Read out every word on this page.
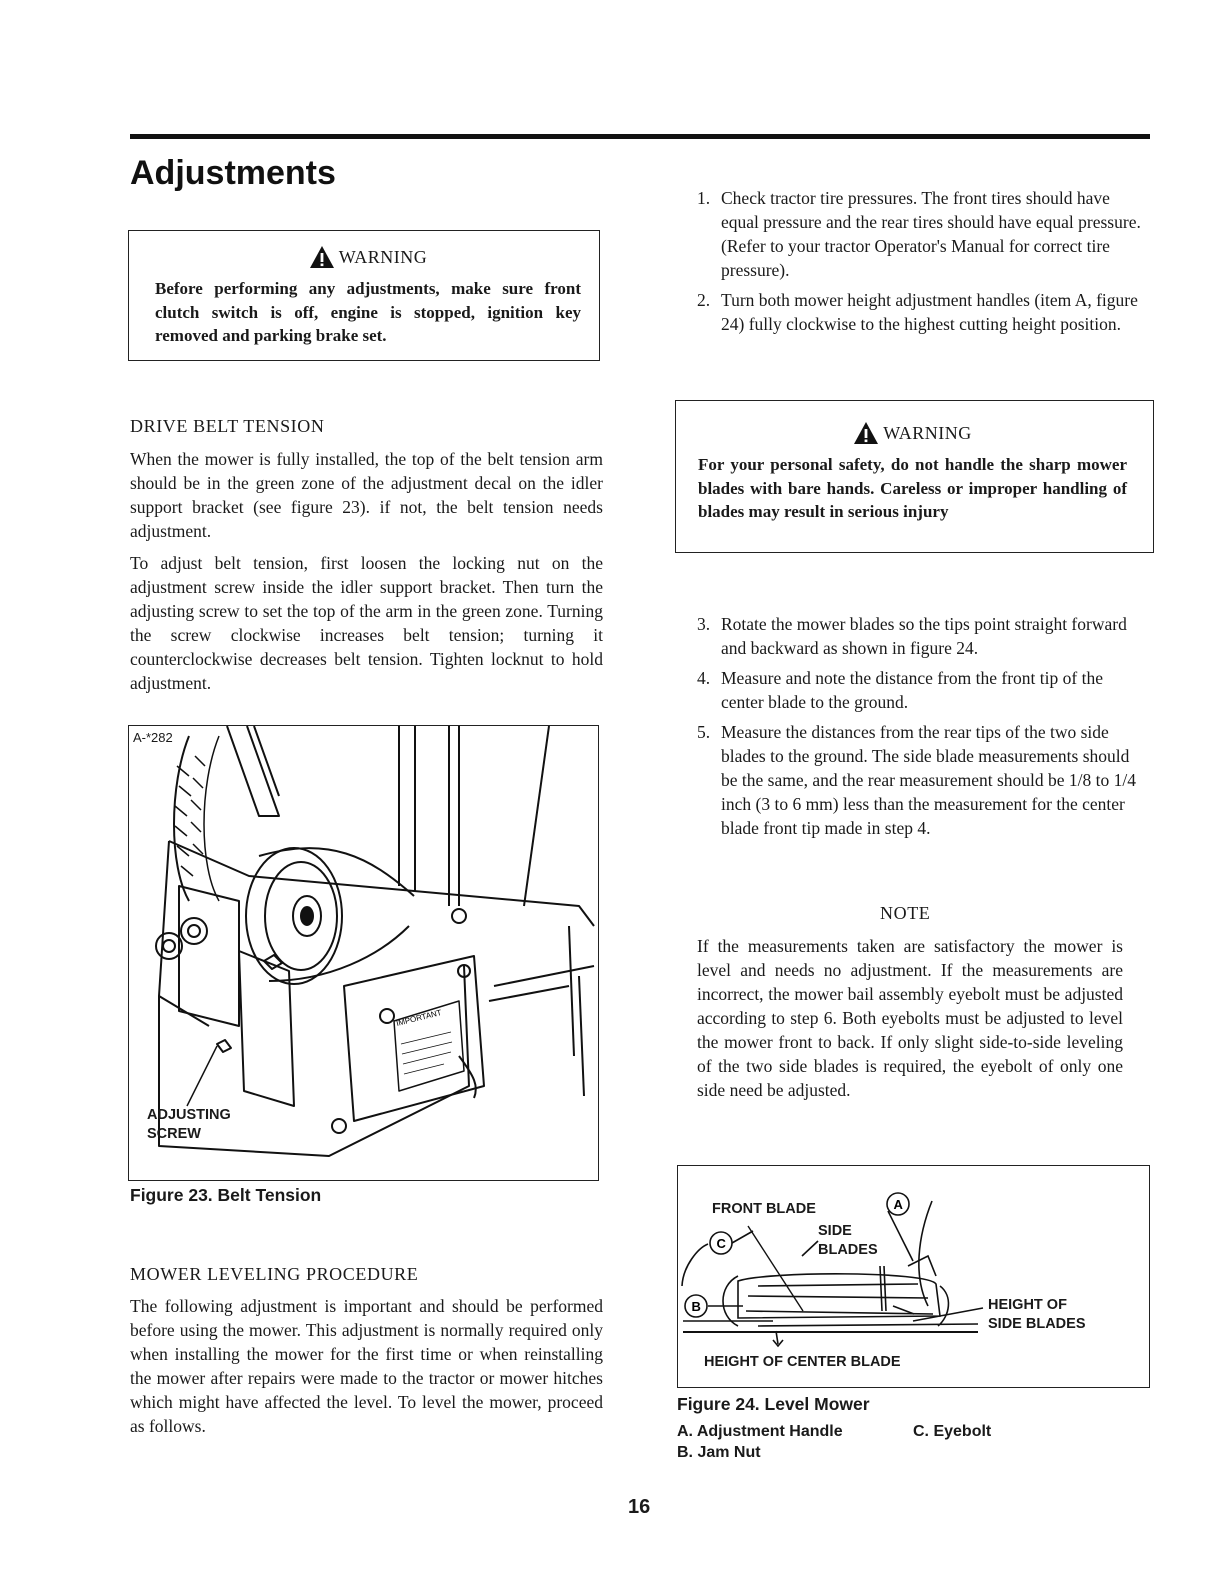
Adjustments
WARNING
Before performing any adjustments, make sure front clutch switch is off, engine is stopped, ignition key removed and parking brake set.
DRIVE BELT TENSION

When the mower is fully installed, the top of the belt tension arm should be in the green zone of the adjustment decal on the idler support bracket (see figure 23). if not, the belt tension needs adjustment.

To adjust belt tension, first loosen the locking nut on the adjustment screw inside the idler support bracket. Then turn the adjusting screw to set the top of the arm in the green zone. Turning the screw clockwise increases belt tension; turning it counterclockwise decreases belt tension. Tighten locknut to hold adjustment.

A-*282
IMPORTANT
ADJUSTING
SCREW
Figure 23. Belt Tension
MOWER LEVELING PROCEDURE

The following adjustment is important and should be performed before using the mower. This adjustment is normally required only when installing the mower for the first time or when reinstalling the mower after repairs were made to the tractor or mower hitches which might have affected the level. To level the mower, proceed as follows.

1. Check tractor tire pressures. The front tires should have equal pressure and the rear tires should have equal pressure. (Refer to your tractor Operator's Manual for correct tire pressure).
2. Turn both mower height adjustment handles (item A, figure 24) fully clockwise to the highest cutting height position.
WARNING
For your personal safety, do not handle the sharp mower blades with bare hands. Careless or improper handling of blades may result in serious injury
3. Rotate the mower blades so the tips point straight forward and backward as shown in figure 24.
4. Measure and note the distance from the front tip of the center blade to the ground.
5. Measure the distances from the rear tips of the two side blades to the ground. The side blade measurements should be the same, and the rear measurement should be 1/8 to 1/4 inch (3 to 6 mm) less than the measurement for the center blade front tip made in step 4.
NOTE

If the measurements taken are satisfactory the mower is level and needs no adjustment. If the measurements are incorrect, the mower bail assembly eyebolt must be adjusted according to step 6. Both eyebolts must be adjusted to level the mower front to back. If only slight side-to-side leveling of the two side blades is required, the eyebolt of only one side need be adjusted.

A
C
B
FRONT BLADE
SIDE
BLADES
HEIGHT OF
SIDE BLADES
HEIGHT OF CENTER BLADE
Figure 24. Level Mower
A. Adjustment Handle	C. Eyebolt
B. Jam Nut
16
